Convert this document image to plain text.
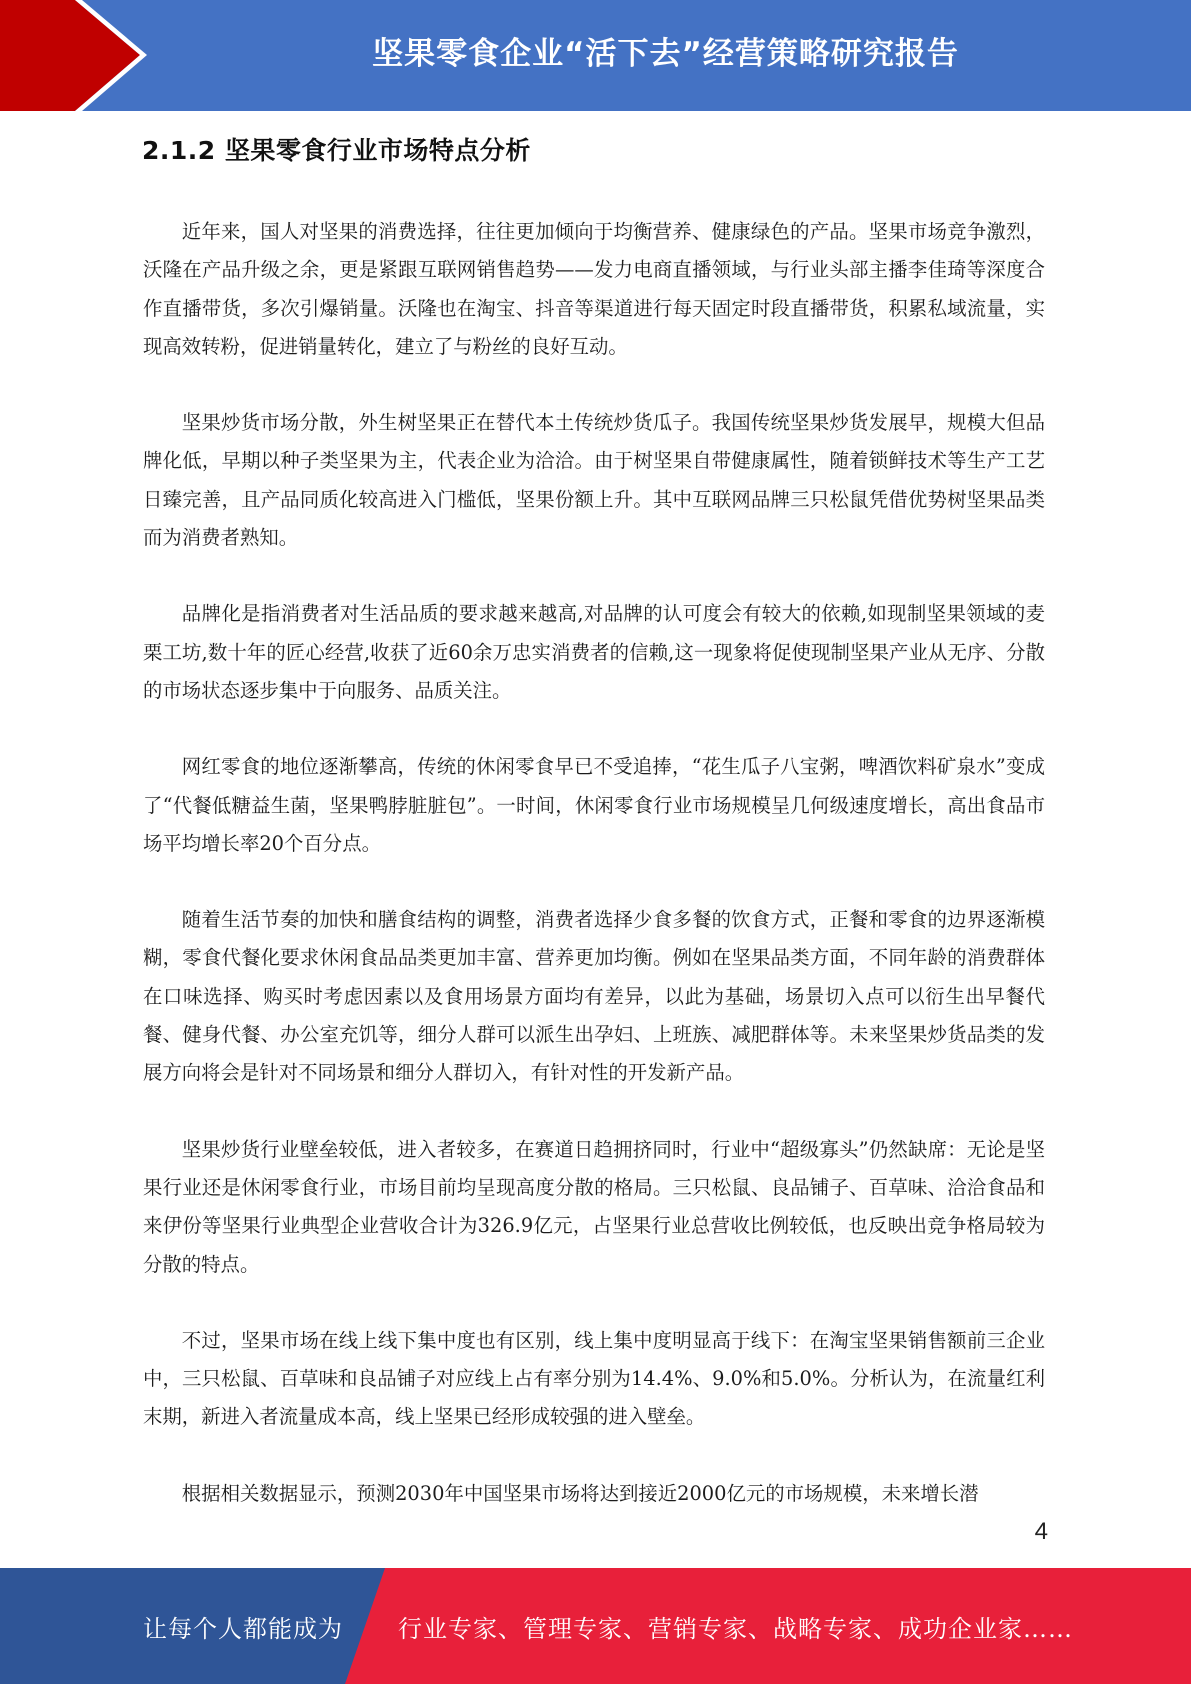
坚果零食企业“活下去”经营策略研究报告
2.1.2 坚果零食行业市场特点分析

近年来，国人对坚果的消费选择，往往更加倾向于均衡营养、健康绿色的产品。坚果市场竞争激烈，沃隆在产品升级之余，更是紧跟互联网销售趋势——发力电商直播领域，与行业头部主播李佳琦等深度合作直播带货，多次引爆销量。沃隆也在淘宝、抖音等渠道进行每天固定时段直播带货，积累私域流量，实现高效转粉，促进销量转化，建立了与粉丝的良好互动。

坚果炒货市场分散，外生树坚果正在替代本土传统炒货瓜子。我国传统坚果炒货发展早，规模大但品牌化低，早期以种子类坚果为主，代表企业为洽洽。由于树坚果自带健康属性，随着锁鲜技术等生产工艺日臻完善，且产品同质化较高进入门槛低，坚果份额上升。其中互联网品牌三只松鼠凭借优势树坚果品类而为消费者熟知。

品牌化是指消费者对生活品质的要求越来越高,对品牌的认可度会有较大的依赖,如现制坚果领域的麦栗工坊,数十年的匠心经营,收获了近60余万忠实消费者的信赖,这一现象将促使现制坚果产业从无序、分散的市场状态逐步集中于向服务、品质关注。

网红零食的地位逐渐攀高，传统的休闲零食早已不受追捧，“花生瓜子八宝粥，啤酒饮料矿泉水”变成了“代餐低糖益生菌，坚果鸭脖脏脏包”。一时间，休闲零食行业市场规模呈几何级速度增长，高出食品市场平均增长率20个百分点。

随着生活节奏的加快和膳食结构的调整，消费者选择少食多餐的饮食方式，正餐和零食的边界逐渐模糊，零食代餐化要求休闲食品品类更加丰富、营养更加均衡。例如在坚果品类方面，不同年龄的消费群体在口味选择、购买时考虑因素以及食用场景方面均有差异，以此为基础，场景切入点可以衍生出早餐代餐、健身代餐、办公室充饥等，细分人群可以派生出孕妇、上班族、减肥群体等。未来坚果炒货品类的发展方向将会是针对不同场景和细分人群切入，有针对性的开发新产品。

坚果炒货行业壁垒较低，进入者较多，在赛道日趋拥挤同时，行业中“超级寡头”仍然缺席：无论是坚果行业还是休闲零食行业，市场目前均呈现高度分散的格局。三只松鼠、良品铺子、百草味、洽洽食品和来伊份等坚果行业典型企业营收合计为326.9亿元，占坚果行业总营收比例较低，也反映出竞争格局较为分散的特点。

不过，坚果市场在线上线下集中度也有区别，线上集中度明显高于线下：在淘宝坚果销售额前三企业中，三只松鼠、百草味和良品铺子对应线上占有率分别为14.4%、9.0%和5.0%。分析认为，在流量红利末期，新进入者流量成本高，线上坚果已经形成较强的进入壁垒。

根据相关数据显示，预测2030年中国坚果市场将达到接近2000亿元的市场规模，未来增长潜

4
让每个人都能成为 行业专家、管理专家、营销专家、战略专家、成功企业家……
